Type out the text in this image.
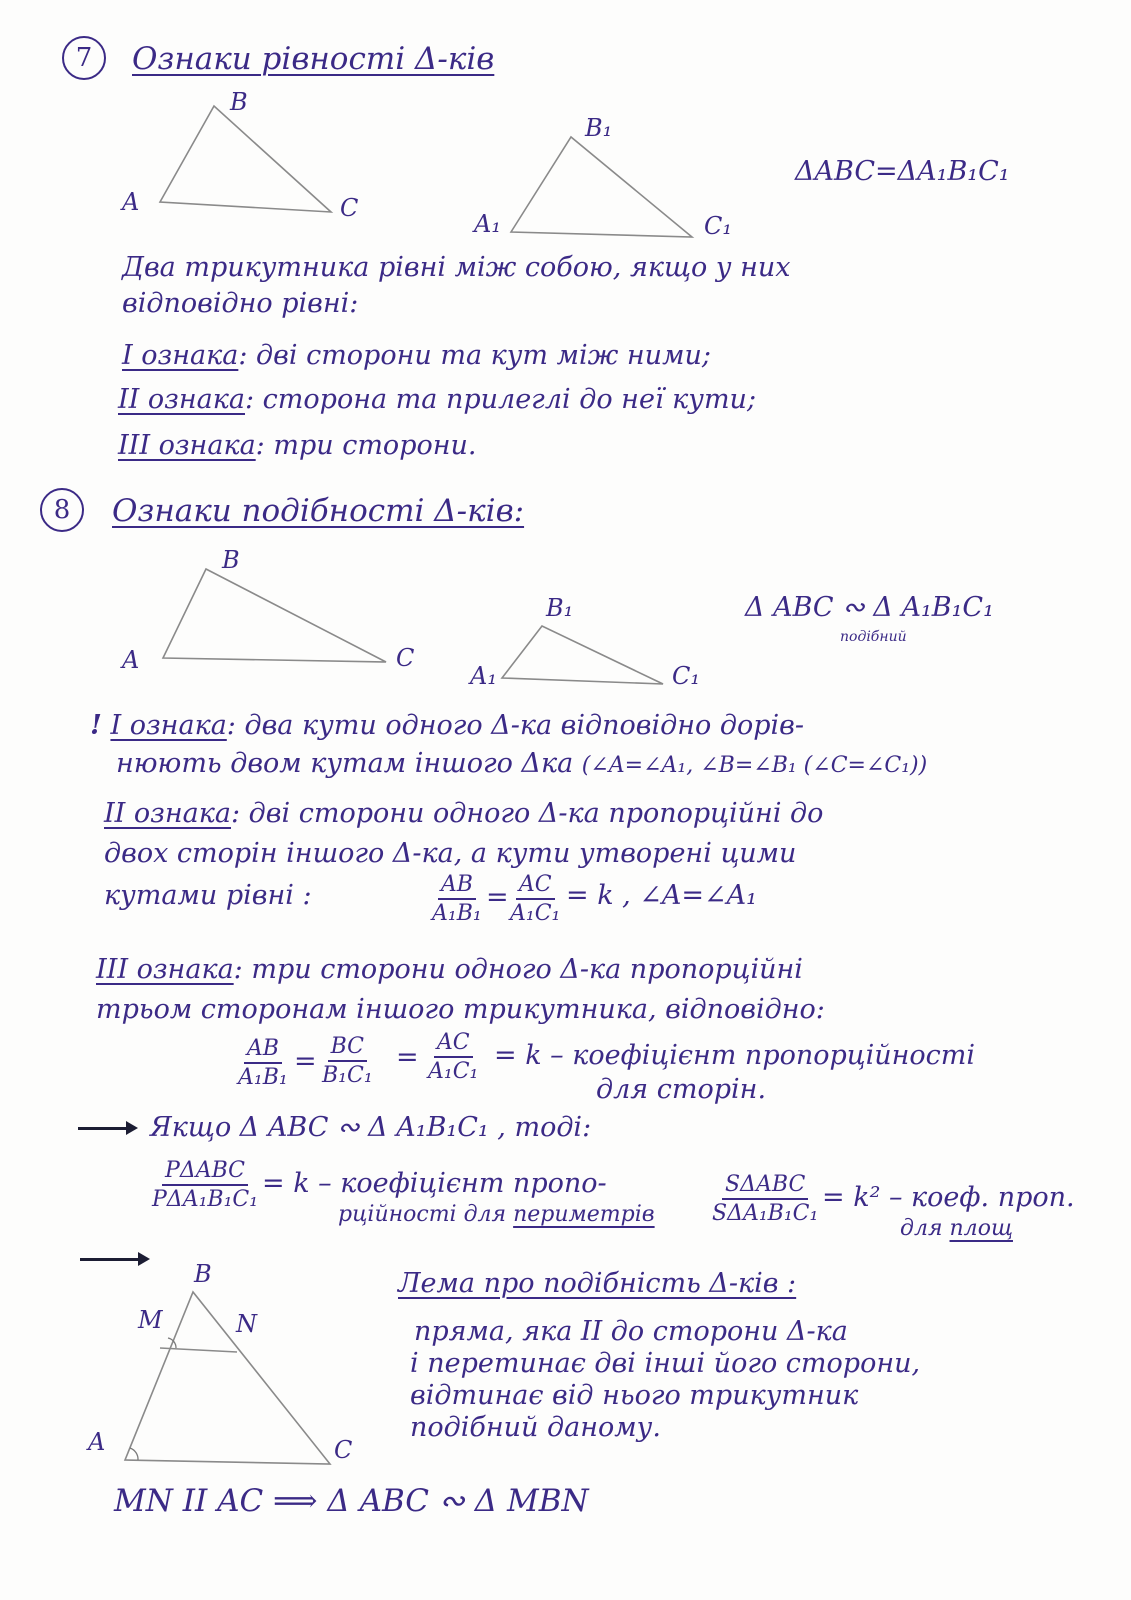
7	Ознаки рівності Δ-ків
B
A	C
B₁
A₁	C₁
ΔABC=ΔA₁B₁C₁
Два трикутника рівні між собою, якщо у них
відповідно рівні:
I ознака: дві сторони та кут між ними;
II ознака: сторона та прилеглі до неї кути;
III ознака: три сторони.
8	Ознаки подібності Δ-ків:
B
A	C
B₁
A₁	C₁
Δ ABC ∾ Δ A₁B₁C₁
подібний
! I ознака: два кути одного Δ-ка відповідно дорів-
нюють двом кутам іншого Δка (∠A=∠A₁, ∠B=∠B₁ (∠C=∠C₁))
II ознака: дві сторони одного Δ-ка пропорційні до
двох сторін іншого Δ-ка, а кути утворені цими
кутами рівні :	$\frac{AB}{\text{A₁B₁}} = \frac{AC}{\text{A₁C₁}} = k$ , ∠A=∠A₁
III ознака: три сторони одного Δ-ка пропорційні
трьом сторонам іншого трикутника, відповідно:
$\frac{AB}{\text{A₁B₁}} = \frac{BC}{\text{B₁C₁}} = \frac{AC}{\text{A₁C₁}} = k$ – коефіцієнт пропорційності
для сторін.
Якщо Δ ABC ∾ Δ A₁B₁C₁ , тоді:
PΔABC
PΔA₁B₁C₁
= k – коефіцієнт пропо-
рційності для периметрів
SΔABC
SΔA₁B₁C₁
= k² – коеф. проп.
для площ
B
M	N
A	C
Лема про подібність Δ-ків :
пряма, яка ІІ до сторони Δ-ка
і перетинає дві інші його сторони,
відтинає від нього трикутник
подібний даному.
MN ІІ AC ⟹ Δ ABC ∾ Δ MBN
